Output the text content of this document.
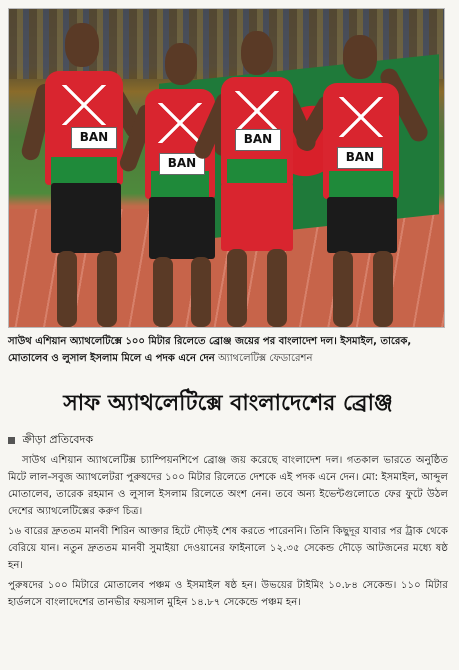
BAN
BAN
BAN
BAN
সাউথ এশিয়ান অ্যাথলেটিক্সে ১০০ মিটার রিলেতে ব্রোঞ্জ জয়ের পর বাংলাদেশ দল। ইসমাইল, তারেক, মোতালেব ও লুসাল ইসলাম মিলে এ পদক এনে দেন অ্যাথলেটিক্স ফেডারেশন
সাফ অ্যাথলেটিক্সে বাংলাদেশের ব্রোঞ্জ
ক্রীড়া প্রতিবেদক

সাউথ এশিয়ান অ্যাথলেটিক্স চ্যাম্পিয়নশিপে ব্রোঞ্জ জয় করেছে বাংলাদেশ দল। গতকাল ভারতে অনুষ্ঠিত মিটে লাল-সবুজ অ্যাথলেটরা পুরুষদের ১০০ মিটার রিলেতে দেশকে এই পদক এনে দেন। মো: ইসমাইল, আব্দুল মোতালেব, তারেক রহমান ও লুসাল ইসলাম রিলেতে অংশ নেন। তবে অন্য ইভেন্টগুলোতে ফের ফুটে উঠল দেশের অ্যাথলেটিক্সের করুণ চিত্র।

১৬ বারের দ্রুততম মানবী শিরিন আক্তার হিটে দৌড়ই শেষ করতে পারেননি। তিনি কিছুদূর যাবার পর ট্রাক থেকে বেরিয়ে যান। নতুন দ্রুততম মানবী সুমাইয়া দেওয়ানের ফাইনালে ১২.৩৫ সেকেন্ড দৌড়ে আটজনের মধ্যে ষষ্ঠ হন।

পুরুষদের ১০০ মিটারে মোতালেব পঞ্চম ও ইসমাইল ষষ্ঠ হন। উভয়ের টাইমিং ১০.৮৪ সেকেন্ড। ১১০ মিটার হার্ডলসে বাংলাদেশের তানভীর ফয়সাল মুহিন ১৪.৮৭ সেকেন্ডে পঞ্চম হন।
